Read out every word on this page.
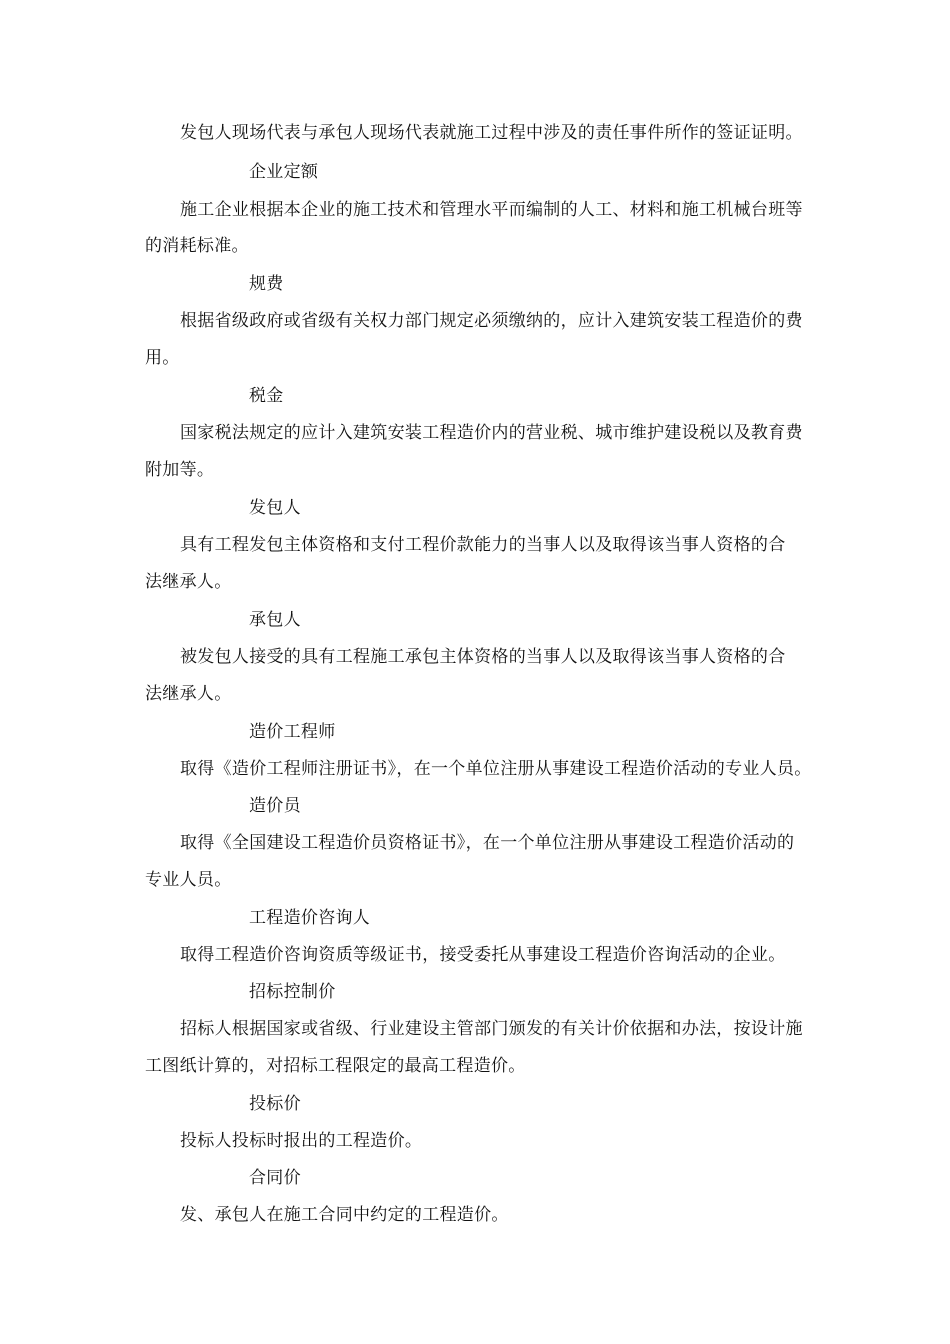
发包人现场代表与承包人现场代表就施工过程中涉及的责任事件所作的签证证明。

企业定额

施工企业根据本企业的施工技术和管理水平而编制的人工、材料和施工机械台班等

的消耗标准。

规费

根据省级政府或省级有关权力部门规定必须缴纳的，应计入建筑安装工程造价的费

用。

税金

国家税法规定的应计入建筑安装工程造价内的营业税、城市维护建设税以及教育费

附加等。

发包人

具有工程发包主体资格和支付工程价款能力的当事人以及取得该当事人资格的合

法继承人。

承包人

被发包人接受的具有工程施工承包主体资格的当事人以及取得该当事人资格的合

法继承人。

造价工程师

取得《造价工程师注册证书》，在一个单位注册从事建设工程造价活动的专业人员。

造价员

取得《全国建设工程造价员资格证书》，在一个单位注册从事建设工程造价活动的

专业人员。

工程造价咨询人

取得工程造价咨询资质等级证书，接受委托从事建设工程造价咨询活动的企业。

招标控制价

招标人根据国家或省级、行业建设主管部门颁发的有关计价依据和办法，按设计施

工图纸计算的，对招标工程限定的最高工程造价。

投标价

投标人投标时报出的工程造价。

合同价

发、承包人在施工合同中约定的工程造价。
